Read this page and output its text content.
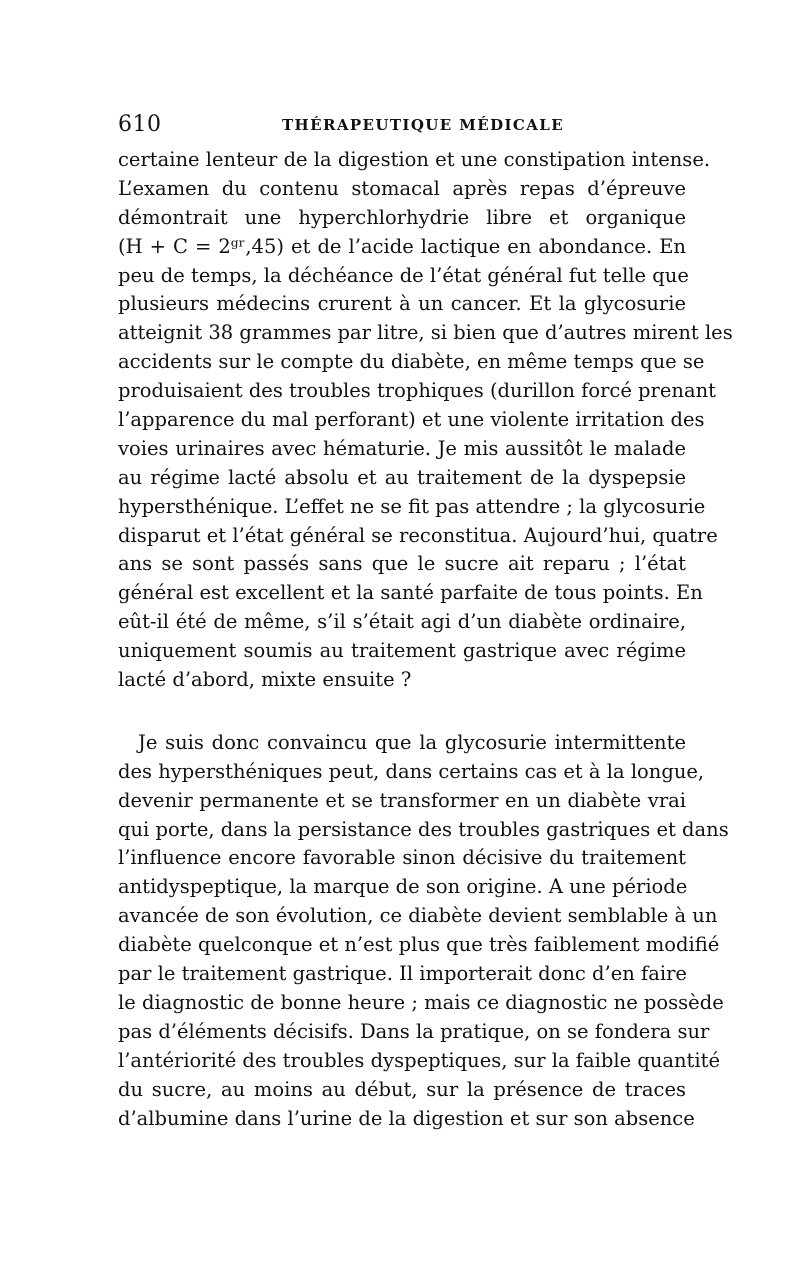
610	THÉRAPEUTIQUE MÉDICALE
certaine lenteur de la digestion et une constipation intense.
L’examen du contenu stomacal après repas d’épreuve
démontrait une hyperchlorhydrie libre et organique
(H + C = 2ᵍʳ,45) et de l’acide lactique en abondance. En
peu de temps, la déchéance de l’état général fut telle que
plusieurs médecins crurent à un cancer. Et la glycosurie
atteignit 38 grammes par litre, si bien que d’autres mirent les
accidents sur le compte du diabète, en même temps que se
produisaient des troubles trophiques (durillon forcé prenant
l’apparence du mal perforant) et une violente irritation des
voies urinaires avec hématurie. Je mis aussitôt le malade
au régime lacté absolu et au traitement de la dyspepsie
hypersthénique. L’effet ne se fit pas attendre ; la glycosurie
disparut et l’état général se reconstitua. Aujourd’hui, quatre
ans se sont passés sans que le sucre ait reparu ; l’état
général est excellent et la santé parfaite de tous points. En
eût-il été de même, s’il s’était agi d’un diabète ordinaire,
uniquement soumis au traitement gastrique avec régime
lacté d’abord, mixte ensuite ?
Je suis donc convaincu que la glycosurie intermittente
des hypersthéniques peut, dans certains cas et à la longue,
devenir permanente et se transformer en un diabète vrai
qui porte, dans la persistance des troubles gastriques et dans
l’influence encore favorable sinon décisive du traitement
antidyspeptique, la marque de son origine. A une période
avancée de son évolution, ce diabète devient semblable à un
diabète quelconque et n’est plus que très faiblement modifié
par le traitement gastrique. Il importerait donc d’en faire
le diagnostic de bonne heure ; mais ce diagnostic ne possède
pas d’éléments décisifs. Dans la pratique, on se fondera sur
l’antériorité des troubles dyspeptiques, sur la faible quantité
du sucre, au moins au début, sur la présence de traces
d’albumine dans l’urine de la digestion et sur son absence
